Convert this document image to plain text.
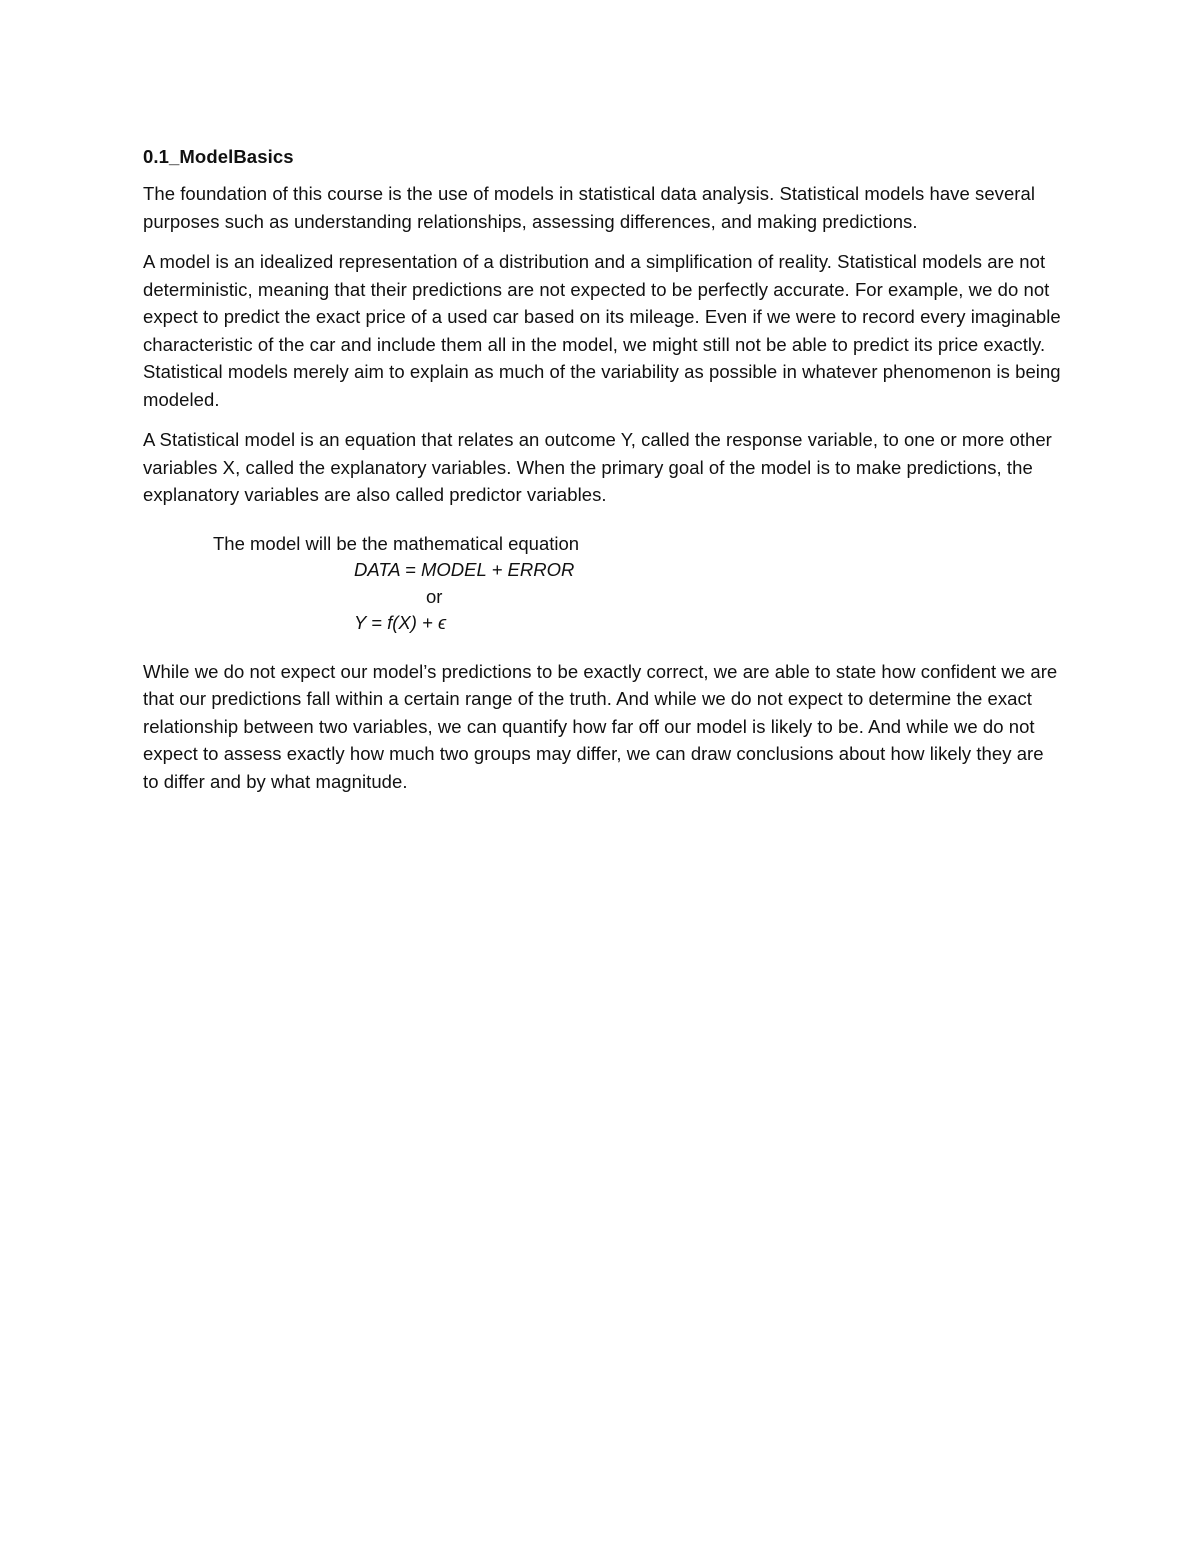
0.1_ModelBasics

The foundation of this course is the use of models in statistical data analysis. Statistical models have several purposes such as understanding relationships, assessing differences, and making predictions.

A model is an idealized representation of a distribution and a simplification of reality. Statistical models are not deterministic, meaning that their predictions are not expected to be perfectly accurate. For example, we do not expect to predict the exact price of a used car based on its mileage. Even if we were to record every imaginable characteristic of the car and include them all in the model, we might still not be able to predict its price exactly. Statistical models merely aim to explain as much of the variability as possible in whatever phenomenon is being modeled.

A Statistical model is an equation that relates an outcome Y, called the response variable, to one or more other variables X, called the explanatory variables. When the primary goal of the model is to make predictions, the explanatory variables are also called predictor variables.

The model will be the mathematical equation
DATA = MODEL + ERROR
or
Y = f(X) + ϵ

While we do not expect our model’s predictions to be exactly correct, we are able to state how confident we are that our predictions fall within a certain range of the truth. And while we do not expect to determine the exact relationship between two variables, we can quantify how far off our model is likely to be. And while we do not expect to assess exactly how much two groups may differ, we can draw conclusions about how likely they are to differ and by what magnitude.
